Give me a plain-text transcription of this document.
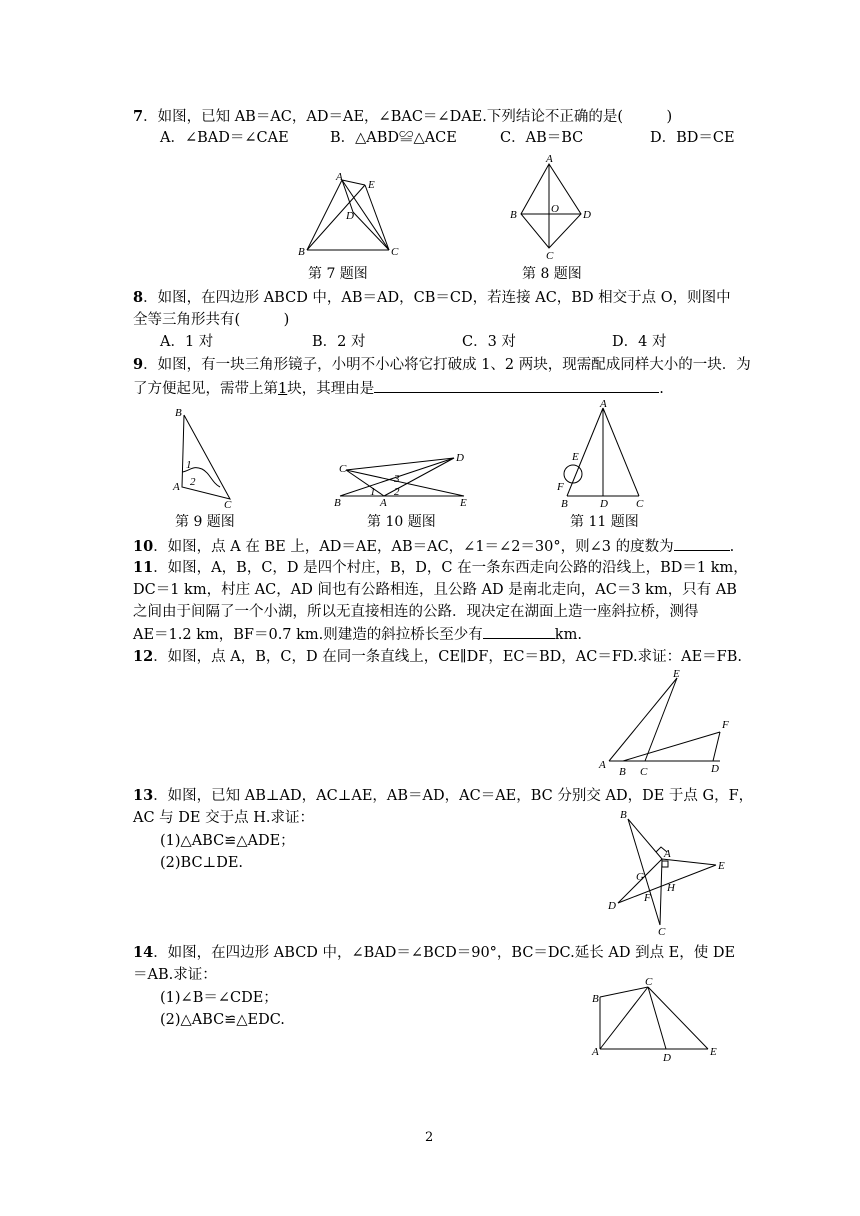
7．如图，已知 AB＝AC，AD＝AE，∠BAC＝∠DAE.下列结论不正确的是(　　　)
A．∠BAD＝∠CAE	B．△ABD≌△ACE	C．AB＝BC	D．BD＝CE
A
E
D
B	C
第 7 题图
A
B	O D
C
第 8 题图
8．如图，在四边形 ABCD 中，AB＝AD，CB＝CD，若连接 AC，BD 相交于点 O，则图中
全等三角形共有(　　　)
A．1 对	B．2 对	C．3 对	D．4 对
9．如图，有一块三角形镜子，小明不小心将它打破成 1、2 两块，现需配成同样大小的一块．为
了方便起见，需带上第1块，其理由是	.
B
1
2
A
C
第 9 题图
C
D
3
1 2
B	A	E
第 10 题图
A
E
F
B	D	C
第 11 题图
10．如图，点 A 在 BE 上，AD＝AE，AB＝AC，∠1＝∠2＝30°，则∠3 的度数为	.
11．如图，A，B，C，D 是四个村庄，B，D，C 在一条东西走向公路的沿线上，BD＝1 km，
DC＝1 km，村庄 AC，AD 间也有公路相连，且公路 AD 是南北走向，AC＝3 km，只有 AB
之间由于间隔了一个小湖，所以无直接相连的公路．现决定在湖面上造一座斜拉桥，测得
AE＝1.2 km，BF＝0.7 km.则建造的斜拉桥长至少有	km.
12．如图，点 A，B，C，D 在同一条直线上，CE∥DF，EC＝BD，AC＝FD.求证：AE＝FB.
E
F
A
B C	D
13．如图，已知 AB⊥AD，AC⊥AE，AB＝AD，AC＝AE，BC 分别交 AD，DE 于点 G，F，
AC 与 DE 交于点 H.求证：
(1)△ABC≌△ADE；
(2)BC⊥DE.
B
A
E
G
H
D
F
C
14．如图，在四边形 ABCD 中，∠BAD＝∠BCD＝90°，BC＝DC.延长 AD 到点 E，使 DE
＝AB.求证：
(1)∠B＝∠CDE；
(2)△ABC≌△EDC.
C
B
A	D	E
2
